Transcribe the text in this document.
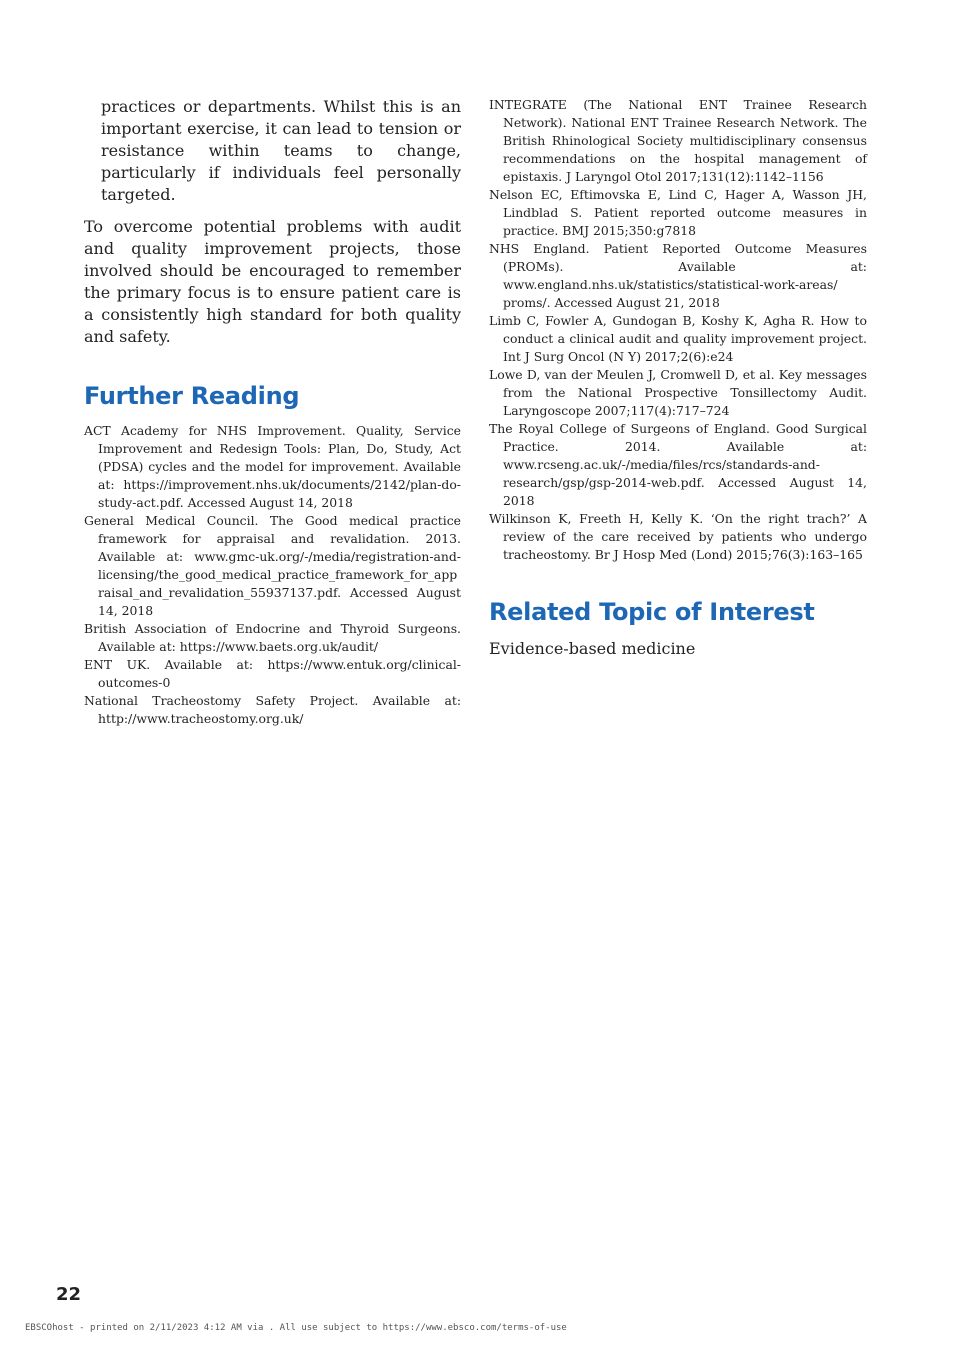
practices or departments. Whilst this is an important exercise, it can lead to tension or resistance within teams to change, particularly if individuals feel personally targeted.

To overcome potential problems with audit and quality improvement projects, those involved should be encouraged to remember the primary focus is to ensure patient care is a consistently high standard for both quality and safety.

Further Reading
ACT Academy for NHS Improvement. Quality, Service Improvement and Redesign Tools: Plan, Do, Study, Act (PDSA) cycles and the model for improvement. Available at: https://improvement.nhs.uk/documents/2142/plan-do-study-act.pdf. Accessed August 14, 2018
General Medical Council. The Good medical practice framework for appraisal and revalidation. 2013. Available at: www.gmc-uk.org/-/media/registration-and-licensing/the_good_medical_practice_framework_for_appraisal_and_revalidation_55937137.pdf. Accessed August 14, 2018
British Association of Endocrine and Thyroid Surgeons. Available at: https://www.baets.org.uk/audit/
ENT UK. Available at: https://www.entuk.org/clinical-outcomes-0
National Tracheostomy Safety Project. Available at: http://www.tracheostomy.org.uk/
INTEGRATE (The National ENT Trainee Research Network). National ENT Trainee Research Network. The British Rhinological Society multidisciplinary consensus recommendations on the hospital management of epistaxis. J Laryngol Otol 2017;131(12):1142–1156
Nelson EC, Eftimovska E, Lind C, Hager A, Wasson JH, Lindblad S. Patient reported outcome measures in practice. BMJ 2015;350:g7818
NHS England. Patient Reported Outcome Measures (PROMs). Available at: www.england.nhs.uk/statistics/statistical-work-areas/ proms/. Accessed August 21, 2018
Limb C, Fowler A, Gundogan B, Koshy K, Agha R. How to conduct a clinical audit and quality improvement project. Int J Surg Oncol (N Y) 2017;2(6):e24
Lowe D, van der Meulen J, Cromwell D, et al. Key messages from the National Prospective Tonsillectomy Audit. Laryngoscope 2007;117(4):717–724
The Royal College of Surgeons of England. Good Surgical Practice. 2014. Available at: www.rcseng.ac.uk/-/media/files/rcs/standards-and-research/gsp/gsp-2014-web.pdf. Accessed August 14, 2018
Wilkinson K, Freeth H, Kelly K. ‘On the right trach?’ A review of the care received by patients who undergo tracheostomy. Br J Hosp Med (Lond) 2015;76(3):163–165
Related Topic of Interest

Evidence-based medicine

22
EBSCOhost - printed on 2/11/2023 4:12 AM via . All use subject to https://www.ebsco.com/terms-of-use
